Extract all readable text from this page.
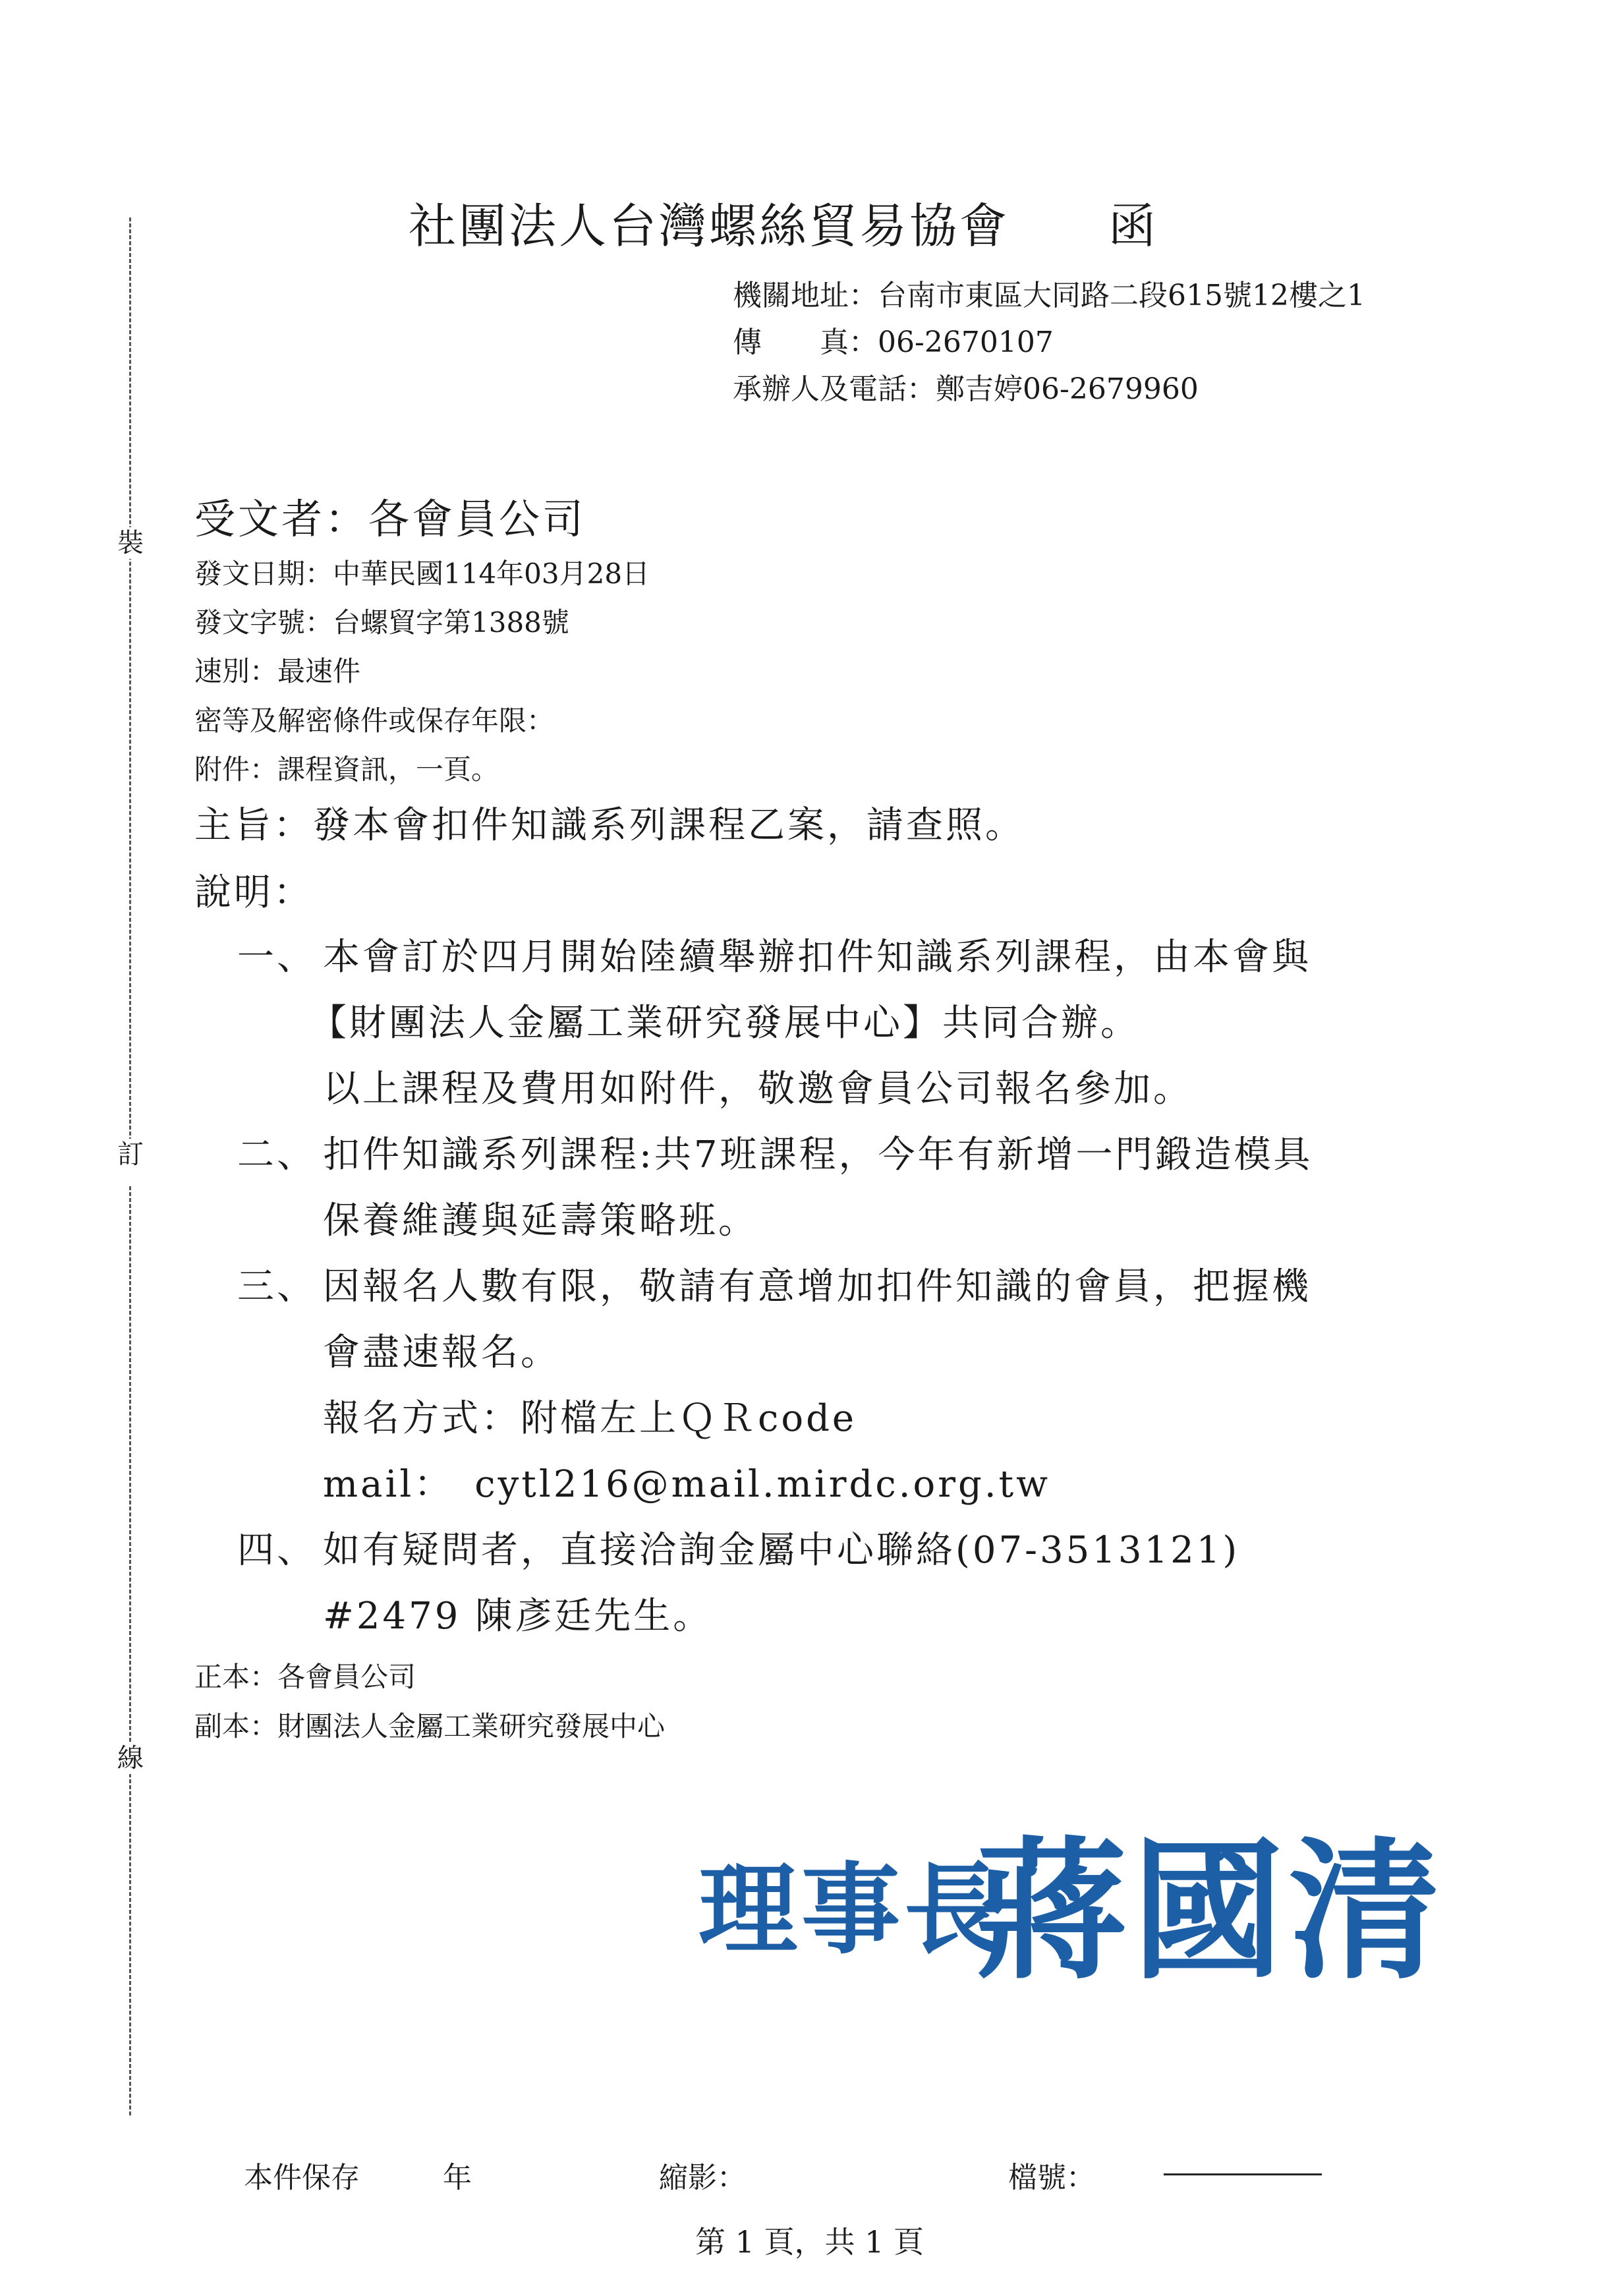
裝
訂
線
社團法人台灣螺絲貿易協會 函
機關地址：台南市東區大同路二段615號12樓之1
傳　　真：06-2670107
承辦人及電話：鄭吉婷06-2679960
受文者：各會員公司
發文日期：中華民國114年03月28日
發文字號：台螺貿字第1388號
速別：最速件
密等及解密條件或保存年限：
附件：課程資訊，一頁。
主旨：發本會扣件知識系列課程乙案，請查照。
說明：
一、 本會訂於四月開始陸續舉辦扣件知識系列課程，由本會與
【財團法人金屬工業研究發展中心】共同合辦。
以上課程及費用如附件，敬邀會員公司報名參加。
二、 扣件知識系列課程:共7班課程，今年有新增一門鍛造模具
保養維護與延壽策略班。
三、 因報名人數有限，敬請有意增加扣件知識的會員，把握機
會盡速報名。
報名方式：附檔左上ＱＲcode
mail：　cytl216@mail.mirdc.org.tw
四、 如有疑問者，直接洽詢金屬中心聯絡(07-3513121)
#2479 陳彥廷先生。
正本：各會員公司
副本：財團法人金屬工業研究發展中心
理事長
蔣國清
本件保存	年	縮影：	檔號：
第 1 頁，共 1 頁
